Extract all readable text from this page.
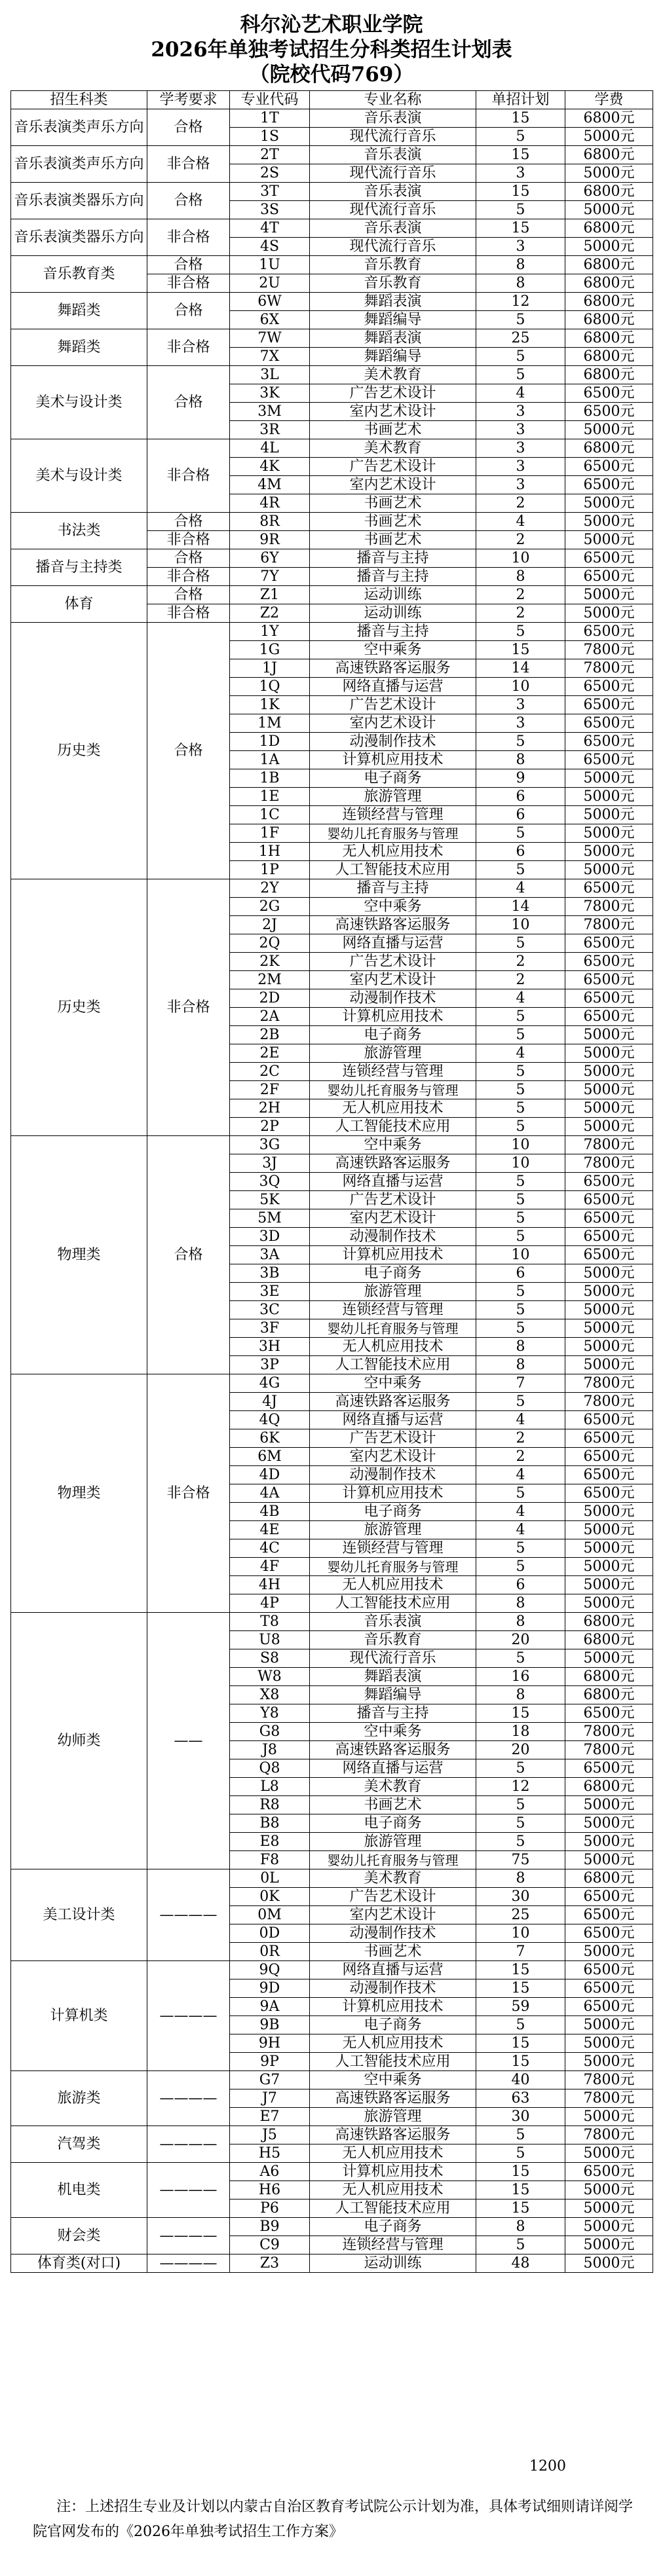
科尔沁艺术职业学院
2026年单独考试招生分科类招生计划表
（院校代码769）
招生科类	学考要求	专业代码	专业名称	单招计划	学费
音乐表演类声乐方向	合格	1T	音乐表演	15	6800元
		1S	现代流行音乐	5	5000元
音乐表演类声乐方向	非合格	2T	音乐表演	15	6800元
		2S	现代流行音乐	3	5000元
音乐表演类器乐方向	合格	3T	音乐表演	15	6800元
		3S	现代流行音乐	5	5000元
音乐表演类器乐方向	非合格	4T	音乐表演	15	6800元
		4S	现代流行音乐	3	5000元
音乐教育类	合格	1U	音乐教育	8	6800元
	非合格	2U	音乐教育	8	6800元
舞蹈类	合格	6W	舞蹈表演	12	6800元
		6X	舞蹈编导	5	6800元
舞蹈类	非合格	7W	舞蹈表演	25	6800元
		7X	舞蹈编导	5	6800元
美术与设计类	合格	3L	美术教育	5	6800元
		3K	广告艺术设计	4	6500元
		3M	室内艺术设计	3	6500元
		3R	书画艺术	3	5000元
美术与设计类	非合格	4L	美术教育	3	6800元
		4K	广告艺术设计	3	6500元
		4M	室内艺术设计	3	6500元
		4R	书画艺术	2	5000元
书法类	合格	8R	书画艺术	4	5000元
	非合格	9R	书画艺术	2	5000元
播音与主持类	合格	6Y	播音与主持	10	6500元
	非合格	7Y	播音与主持	8	6500元
体育	合格	Z1	运动训练	2	5000元
	非合格	Z2	运动训练	2	5000元
历史类	合格	1Y	播音与主持	5	6500元
		1G	空中乘务	15	7800元
		1J	高速铁路客运服务	14	7800元
		1Q	网络直播与运营	10	6500元
		1K	广告艺术设计	3	6500元
		1M	室内艺术设计	3	6500元
		1D	动漫制作技术	5	6500元
		1A	计算机应用技术	8	6500元
		1B	电子商务	9	5000元
		1E	旅游管理	6	5000元
		1C	连锁经营与管理	6	5000元
		1F	婴幼儿托育服务与管理	5	5000元
		1H	无人机应用技术	6	5000元
		1P	人工智能技术应用	5	5000元
历史类	非合格	2Y	播音与主持	4	6500元
		2G	空中乘务	14	7800元
		2J	高速铁路客运服务	10	7800元
		2Q	网络直播与运营	5	6500元
		2K	广告艺术设计	2	6500元
		2M	室内艺术设计	2	6500元
		2D	动漫制作技术	4	6500元
		2A	计算机应用技术	5	6500元
		2B	电子商务	5	5000元
		2E	旅游管理	4	5000元
		2C	连锁经营与管理	5	5000元
		2F	婴幼儿托育服务与管理	5	5000元
		2H	无人机应用技术	5	5000元
		2P	人工智能技术应用	5	5000元
物理类	合格	3G	空中乘务	10	7800元
		3J	高速铁路客运服务	10	7800元
		3Q	网络直播与运营	5	6500元
		5K	广告艺术设计	5	6500元
		5M	室内艺术设计	5	6500元
		3D	动漫制作技术	5	6500元
		3A	计算机应用技术	10	6500元
		3B	电子商务	6	5000元
		3E	旅游管理	5	5000元
		3C	连锁经营与管理	5	5000元
		3F	婴幼儿托育服务与管理	5	5000元
		3H	无人机应用技术	8	5000元
		3P	人工智能技术应用	8	5000元
物理类	非合格	4G	空中乘务	7	7800元
		4J	高速铁路客运服务	5	7800元
		4Q	网络直播与运营	4	6500元
		6K	广告艺术设计	2	6500元
		6M	室内艺术设计	2	6500元
		4D	动漫制作技术	4	6500元
		4A	计算机应用技术	5	6500元
		4B	电子商务	4	5000元
		4E	旅游管理	4	5000元
		4C	连锁经营与管理	5	5000元
		4F	婴幼儿托育服务与管理	5	5000元
		4H	无人机应用技术	6	5000元
		4P	人工智能技术应用	8	5000元
幼师类	——	T8	音乐表演	8	6800元
		U8	音乐教育	20	6800元
		S8	现代流行音乐	5	5000元
		W8	舞蹈表演	16	6800元
		X8	舞蹈编导	8	6800元
		Y8	播音与主持	15	6500元
		G8	空中乘务	18	7800元
		J8	高速铁路客运服务	20	7800元
		Q8	网络直播与运营	5	6500元
		L8	美术教育	12	6800元
		R8	书画艺术	5	5000元
		B8	电子商务	5	5000元
		E8	旅游管理	5	5000元
		F8	婴幼儿托育服务与管理	75	5000元
美工设计类	————	0L	美术教育	8	6800元
		0K	广告艺术设计	30	6500元
		0M	室内艺术设计	25	6500元
		0D	动漫制作技术	10	6500元
		0R	书画艺术	7	5000元
计算机类	————	9Q	网络直播与运营	15	6500元
		9D	动漫制作技术	15	6500元
		9A	计算机应用技术	59	6500元
		9B	电子商务	5	5000元
		9H	无人机应用技术	15	5000元
		9P	人工智能技术应用	15	5000元
旅游类	————	G7	空中乘务	40	7800元
		J7	高速铁路客运服务	63	7800元
		E7	旅游管理	30	5000元
汽驾类	————	J5	高速铁路客运服务	5	7800元
		H5	无人机应用技术	5	5000元
机电类	————	A6	计算机应用技术	15	6500元
		H6	无人机应用技术	15	5000元
		P6	人工智能技术应用	15	5000元
财会类	————	B9	电子商务	8	5000元
		C9	连锁经营与管理	5	5000元
体育类(对口)	————	Z3	运动训练	48	5000元
1200
注：上述招生专业及计划以内蒙古自治区教育考试院公示计划为准，具体考试细则请详阅学院官网发布的《2026年单独考试招生工作方案》
